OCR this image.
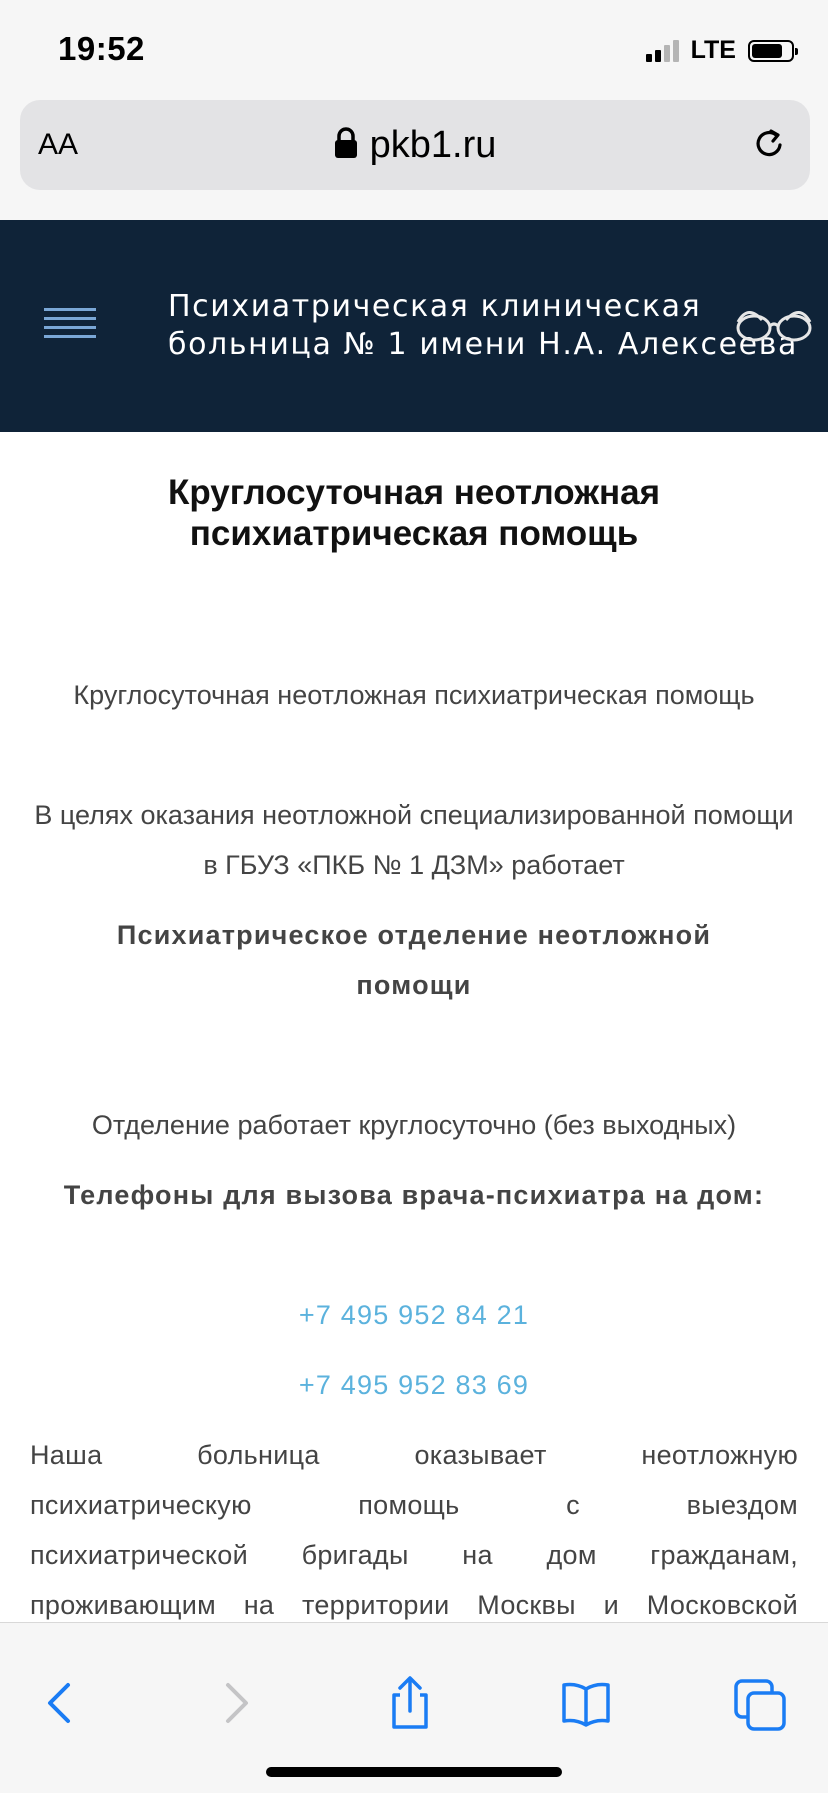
19:52	LTE
AA	pkb1.ru
Психиатрическая клиническая
больница № 1 имени Н.А. Алексеева
Круглосуточная неотложная психиатрическая помощь
Круглосуточная неотложная психиатрическая помощь
В целях оказания неотложной специализированной помощи в ГБУЗ «ПКБ № 1 ДЗМ» работает
Психиатрическое отделение неотложной помощи
Отделение работает круглосуточно (без выходных)
Телефоны для вызова врача-психиатра на дом:
+7 495 952 84 21
+7 495 952 83 69
Наша больница оказывает неотложную
психиатрическую помощь с выездом
психиатрической бригады на дом гражданам,
проживающим на территории Москвы и Московской
